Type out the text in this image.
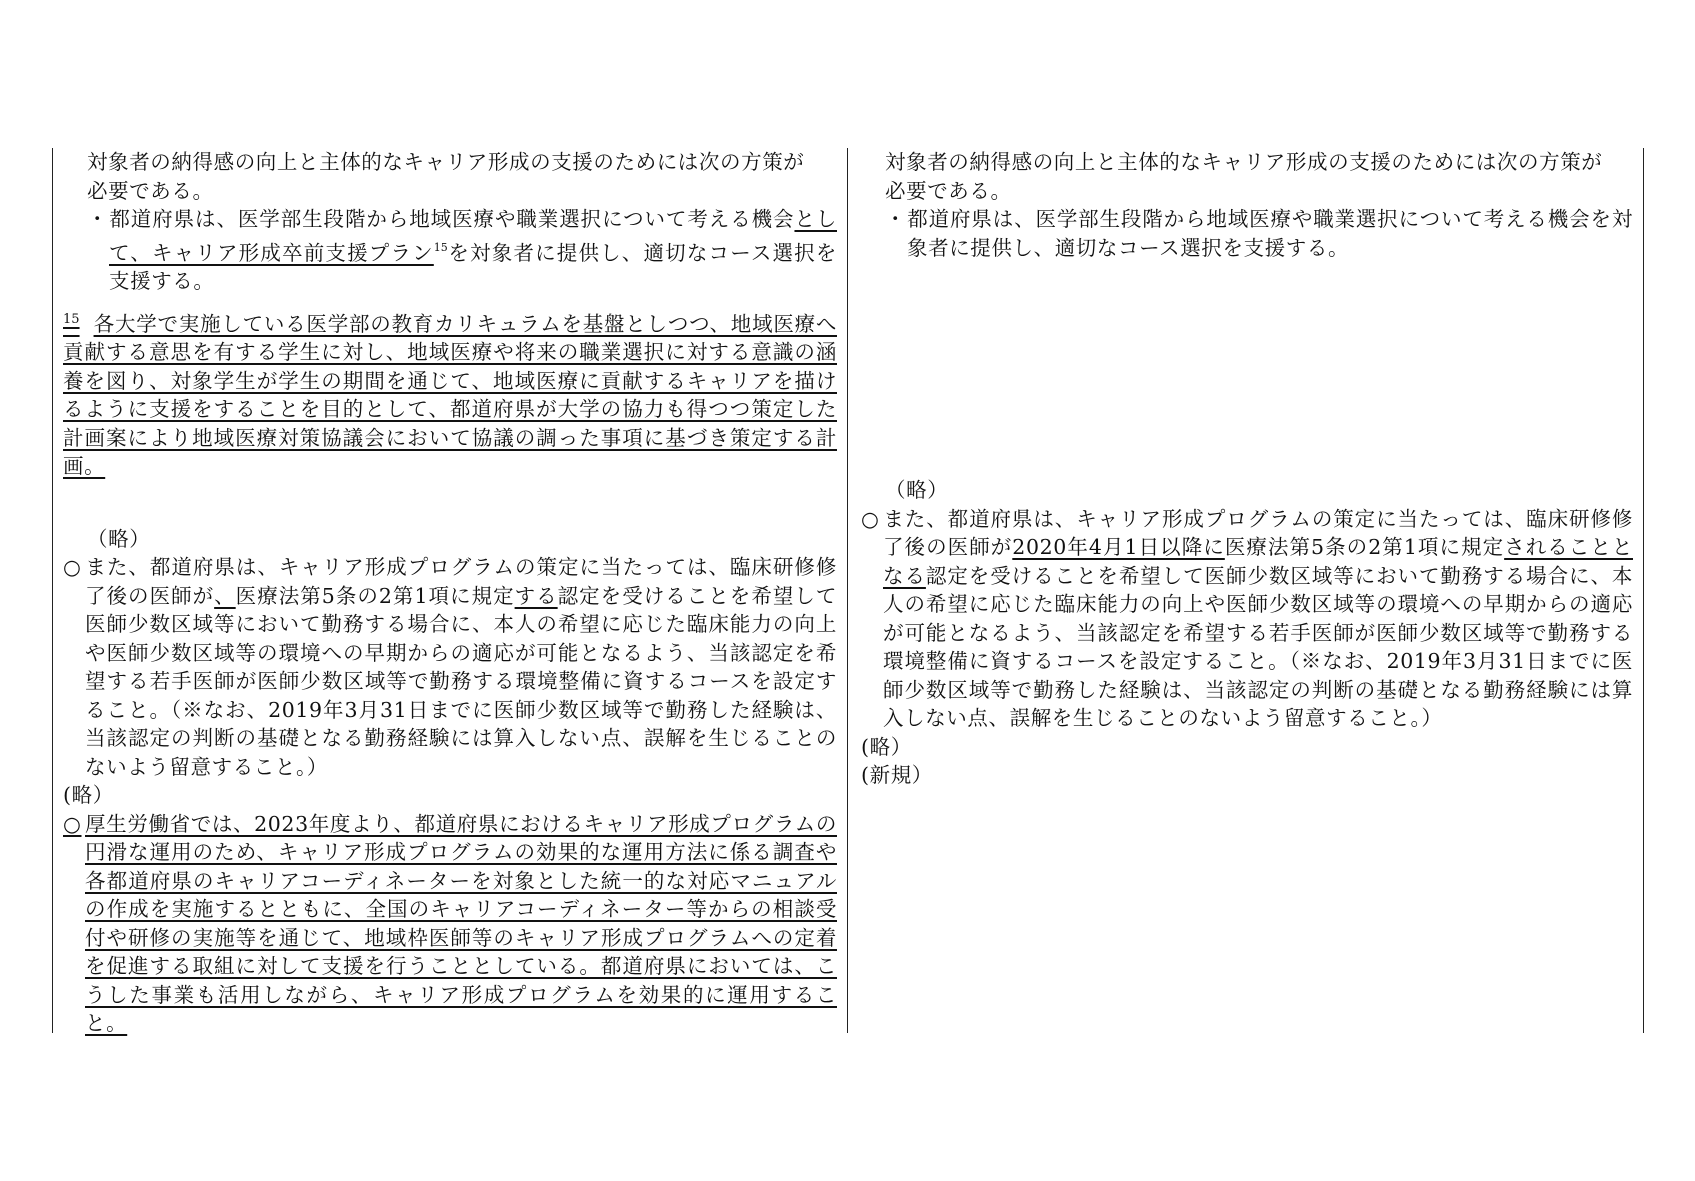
対象者の納得感の向上と主体的なキャリア形成の支援のためには次の方策が
必要である。

・都道府県は、医学部生段階から地域医療や職業選択について考える機会として、キャリア形成卒前支援プラン$^{15}$を対象者に提供し、適切なコース選択を支援する。

$^{15}$ 各大学で実施している医学部の教育カリキュラムを基盤としつつ、地域医療へ貢献する意思を有する学生に対し、地域医療や将来の職業選択に対する意識の涵養を図り、対象学生が学生の期間を通じて、地域医療に貢献するキャリアを描けるように支援をすることを目的として、都道府県が大学の協力も得つつ策定した計画案により地域医療対策協議会において協議の調った事項に基づき策定する計画。

（略）

○ また、都道府県は、キャリア形成プログラムの策定に当たっては、臨床研修修了後の医師が、医療法第5条の2第1項に規定する認定を受けることを希望して医師少数区域等において勤務する場合に、本人の希望に応じた臨床能力の向上や医師少数区域等の環境への早期からの適応が可能となるよう、当該認定を希望する若手医師が医師少数区域等で勤務する環境整備に資するコースを設定すること。（※なお、2019年3月31日までに医師少数区域等で勤務した経験は、当該認定の判断の基礎となる勤務経験には算入しない点、誤解を生じることのないよう留意すること。）

(略）

○ 厚生労働省では、2023年度より、都道府県におけるキャリア形成プログラムの円滑な運用のため、キャリア形成プログラムの効果的な運用方法に係る調査や各都道府県のキャリアコーディネーターを対象とした統一的な対応マニュアルの作成を実施するとともに、全国のキャリアコーディネーター等からの相談受付や研修の実施等を通じて、地域枠医師等のキャリア形成プログラムへの定着を促進する取組に対して支援を行うこととしている。都道府県においては、こうした事業も活用しながら、キャリア形成プログラムを効果的に運用すること。

対象者の納得感の向上と主体的なキャリア形成の支援のためには次の方策が
必要である。

・都道府県は、医学部生段階から地域医療や職業選択について考える機会を対象者に提供し、適切なコース選択を支援する。

（略）

○ また、都道府県は、キャリア形成プログラムの策定に当たっては、臨床研修修了後の医師が2020年4月1日以降に医療法第5条の2第1項に規定されることとなる認定を受けることを希望して医師少数区域等において勤務する場合に、本人の希望に応じた臨床能力の向上や医師少数区域等の環境への早期からの適応が可能となるよう、当該認定を希望する若手医師が医師少数区域等で勤務する環境整備に資するコースを設定すること。（※なお、2019年3月31日までに医師少数区域等で勤務した経験は、当該認定の判断の基礎となる勤務経験には算入しない点、誤解を生じることのないよう留意すること。）

(略）

(新規）
